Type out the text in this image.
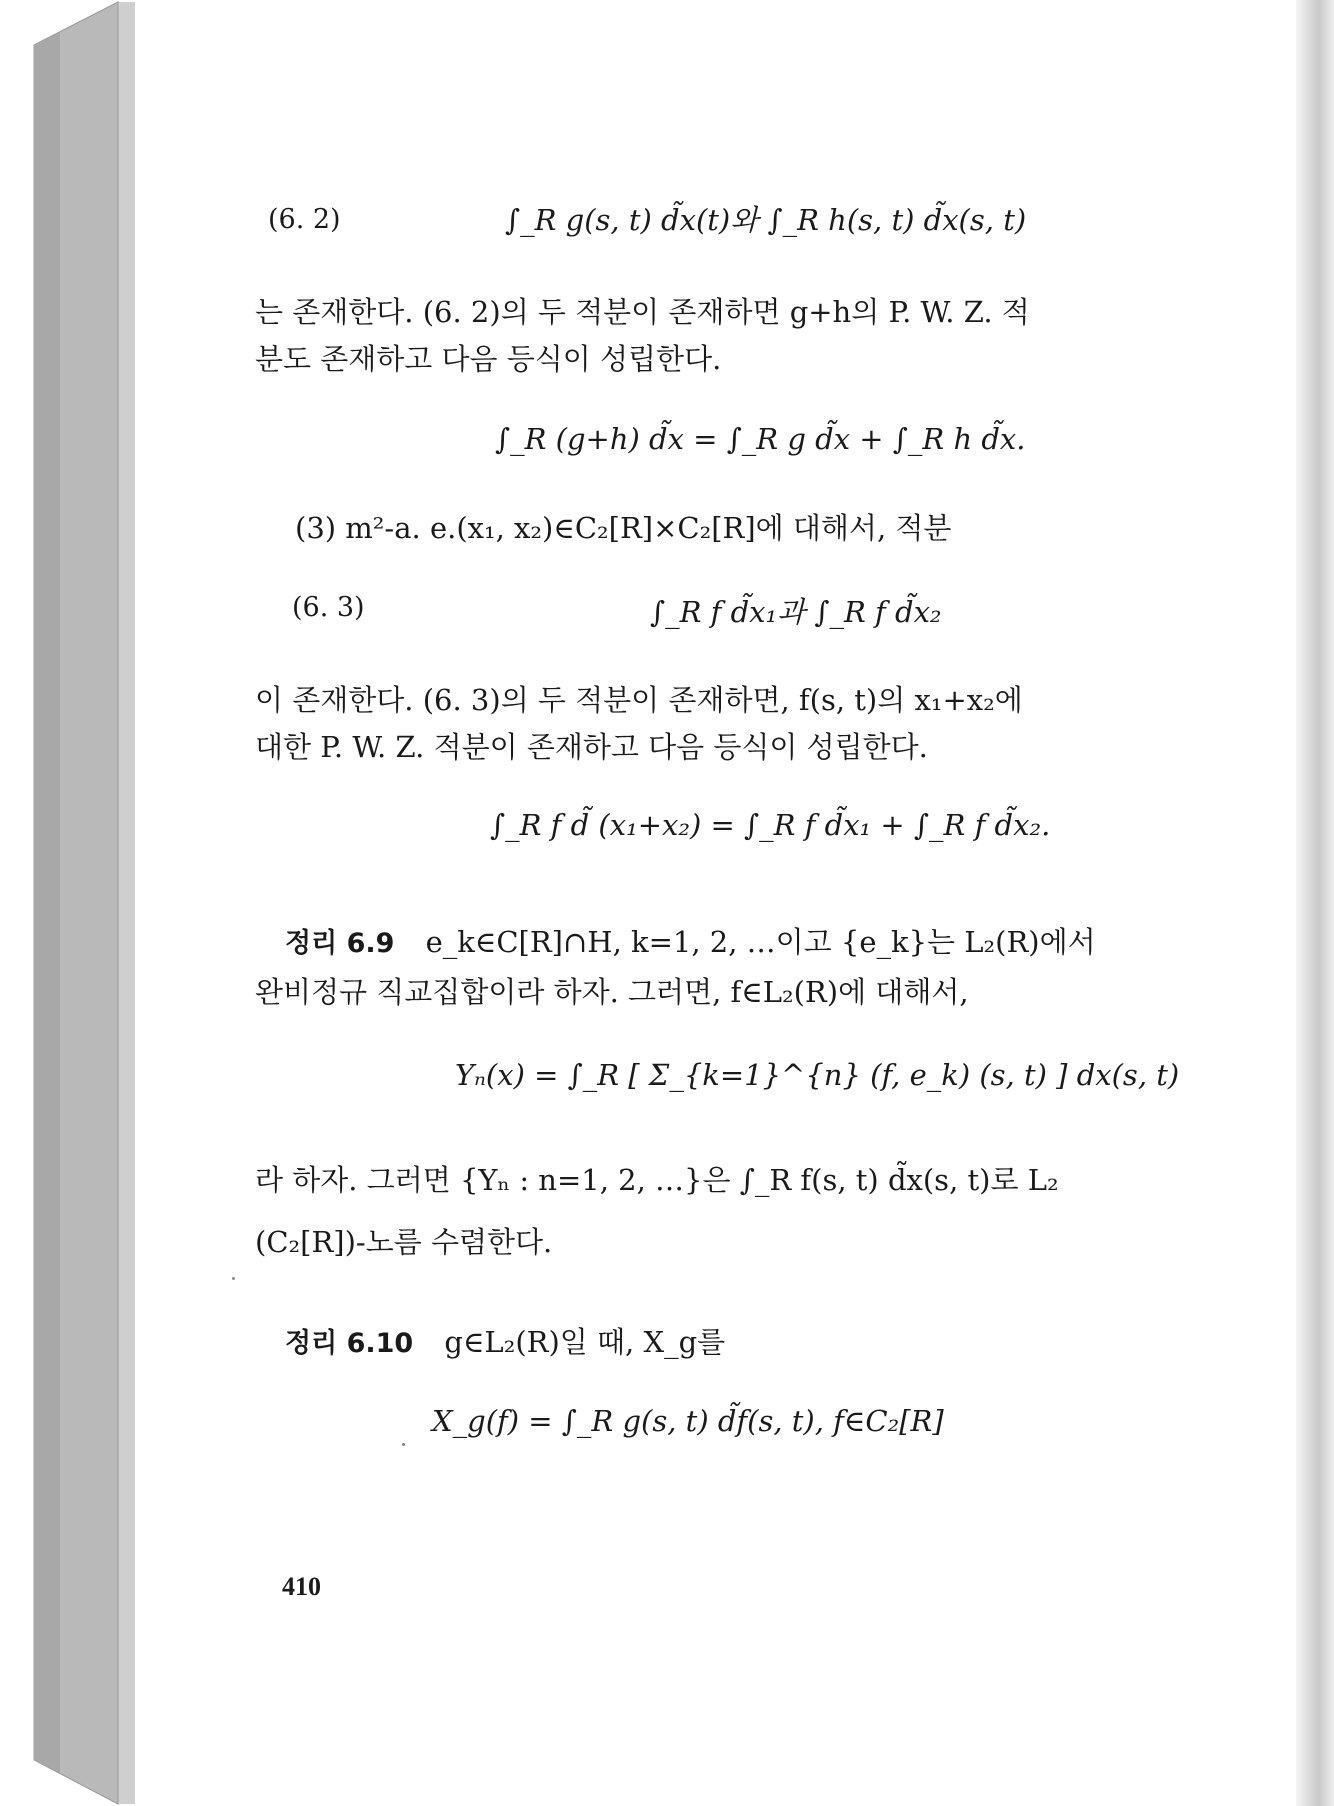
(6. 2)	∫_R g(s, t) d̃x(t)와 ∫_R h(s, t) d̃x(s, t)
는 존재한다. (6. 2)의 두 적분이 존재하면 g+h의 P. W. Z. 적
분도 존재하고 다음 등식이 성립한다.
∫_R (g+h) d̃x = ∫_R g d̃x + ∫_R h d̃x.
(3) m²-a. e.(x₁, x₂)∈C₂[R]×C₂[R]에 대해서, 적분
(6. 3)	∫_R f d̃x₁과 ∫_R f d̃x₂
이 존재한다. (6. 3)의 두 적분이 존재하면, f(s, t)의 x₁+x₂에
대한 P. W. Z. 적분이 존재하고 다음 등식이 성립한다.
∫_R f d̃ (x₁+x₂) = ∫_R f d̃x₁ + ∫_R f d̃x₂.
정리 6.9 e_k∈C[R]∩H, k=1, 2, …이고 {e_k}는 L₂(R)에서
완비정규 직교집합이라 하자. 그러면, f∈L₂(R)에 대해서,
Yₙ(x) = ∫_R [ Σ_{k=1}^{n} (f, e_k) (s, t) ] dx(s, t)
라 하자. 그러면 {Yₙ : n=1, 2, …}은 ∫_R f(s, t) d̃x(s, t)로 L₂
(C₂[R])-노름 수렴한다.
정리 6.10 g∈L₂(R)일 때, X_g를
X_g(f) = ∫_R g(s, t) d̃f(s, t), f∈C₂[R]
410
